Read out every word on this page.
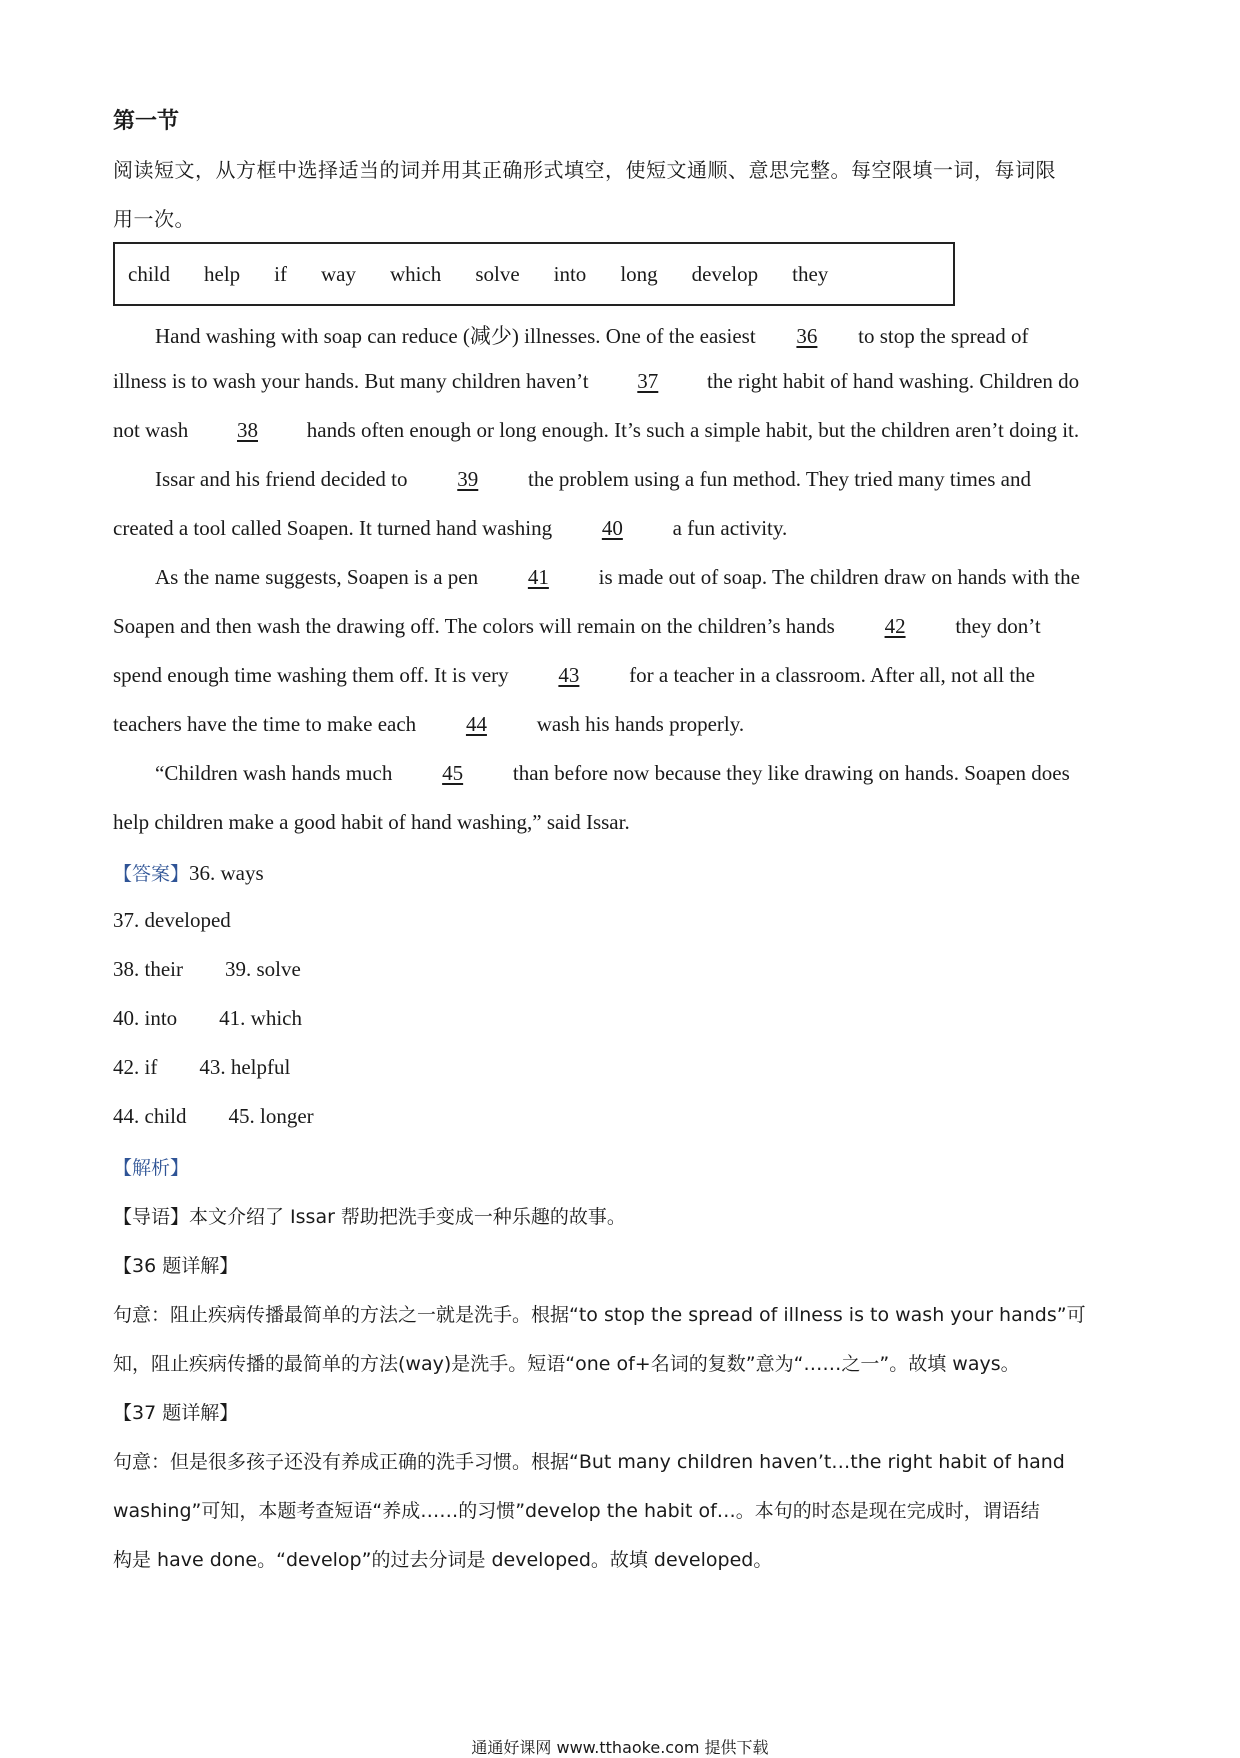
第一节
阅读短文，从方框中选择适当的词并用其正确形式填空，使短文通顺、意思完整。每空限填一词，每词限
用一次。
child help if way which solve into long develop they
Hand washing with soap can reduce (减少) illnesses. One of the easiest 36 to stop the spread of
illness is to wash your hands. But many children haven’t 37 the right habit of hand washing. Children do
not wash 38 hands often enough or long enough. It’s such a simple habit, but the children aren’t doing it.
Issar and his friend decided to 39 the problem using a fun method. They tried many times and
created a tool called Soapen. It turned hand washing 40 a fun activity.
As the name suggests, Soapen is a pen 41 is made out of soap. The children draw on hands with the
Soapen and then wash the drawing off. The colors will remain on the children’s hands 42 they don’t
spend enough time washing them off. It is very 43 for a teacher in a classroom. After all, not all the
teachers have the time to make each 44 wash his hands properly.
“Children wash hands much 45 than before now because they like drawing on hands. Soapen does
help children make a good habit of hand washing,” said Issar.
【答案】36. ways
37. developed
38. their 39. solve
40. into 41. which
42. if 43. helpful
44. child 45. longer
【解析】
【导语】本文介绍了 Issar 帮助把洗手变成一种乐趣的故事。
【36 题详解】
句意：阻止疾病传播最简单的方法之一就是洗手。根据“to stop the spread of illness is to wash your hands”可
知，阻止疾病传播的最简单的方法(way)是洗手。短语“one of+名词的复数”意为“……之一”。故填 ways。
【37 题详解】
句意：但是很多孩子还没有养成正确的洗手习惯。根据“But many children haven’t…the right habit of hand
washing”可知，本题考查短语“养成……的习惯”develop the habit of…。本句的时态是现在完成时，谓语结
构是 have done。“develop”的过去分词是 developed。故填 developed。
通通好课网 www.tthaoke.com 提供下载
